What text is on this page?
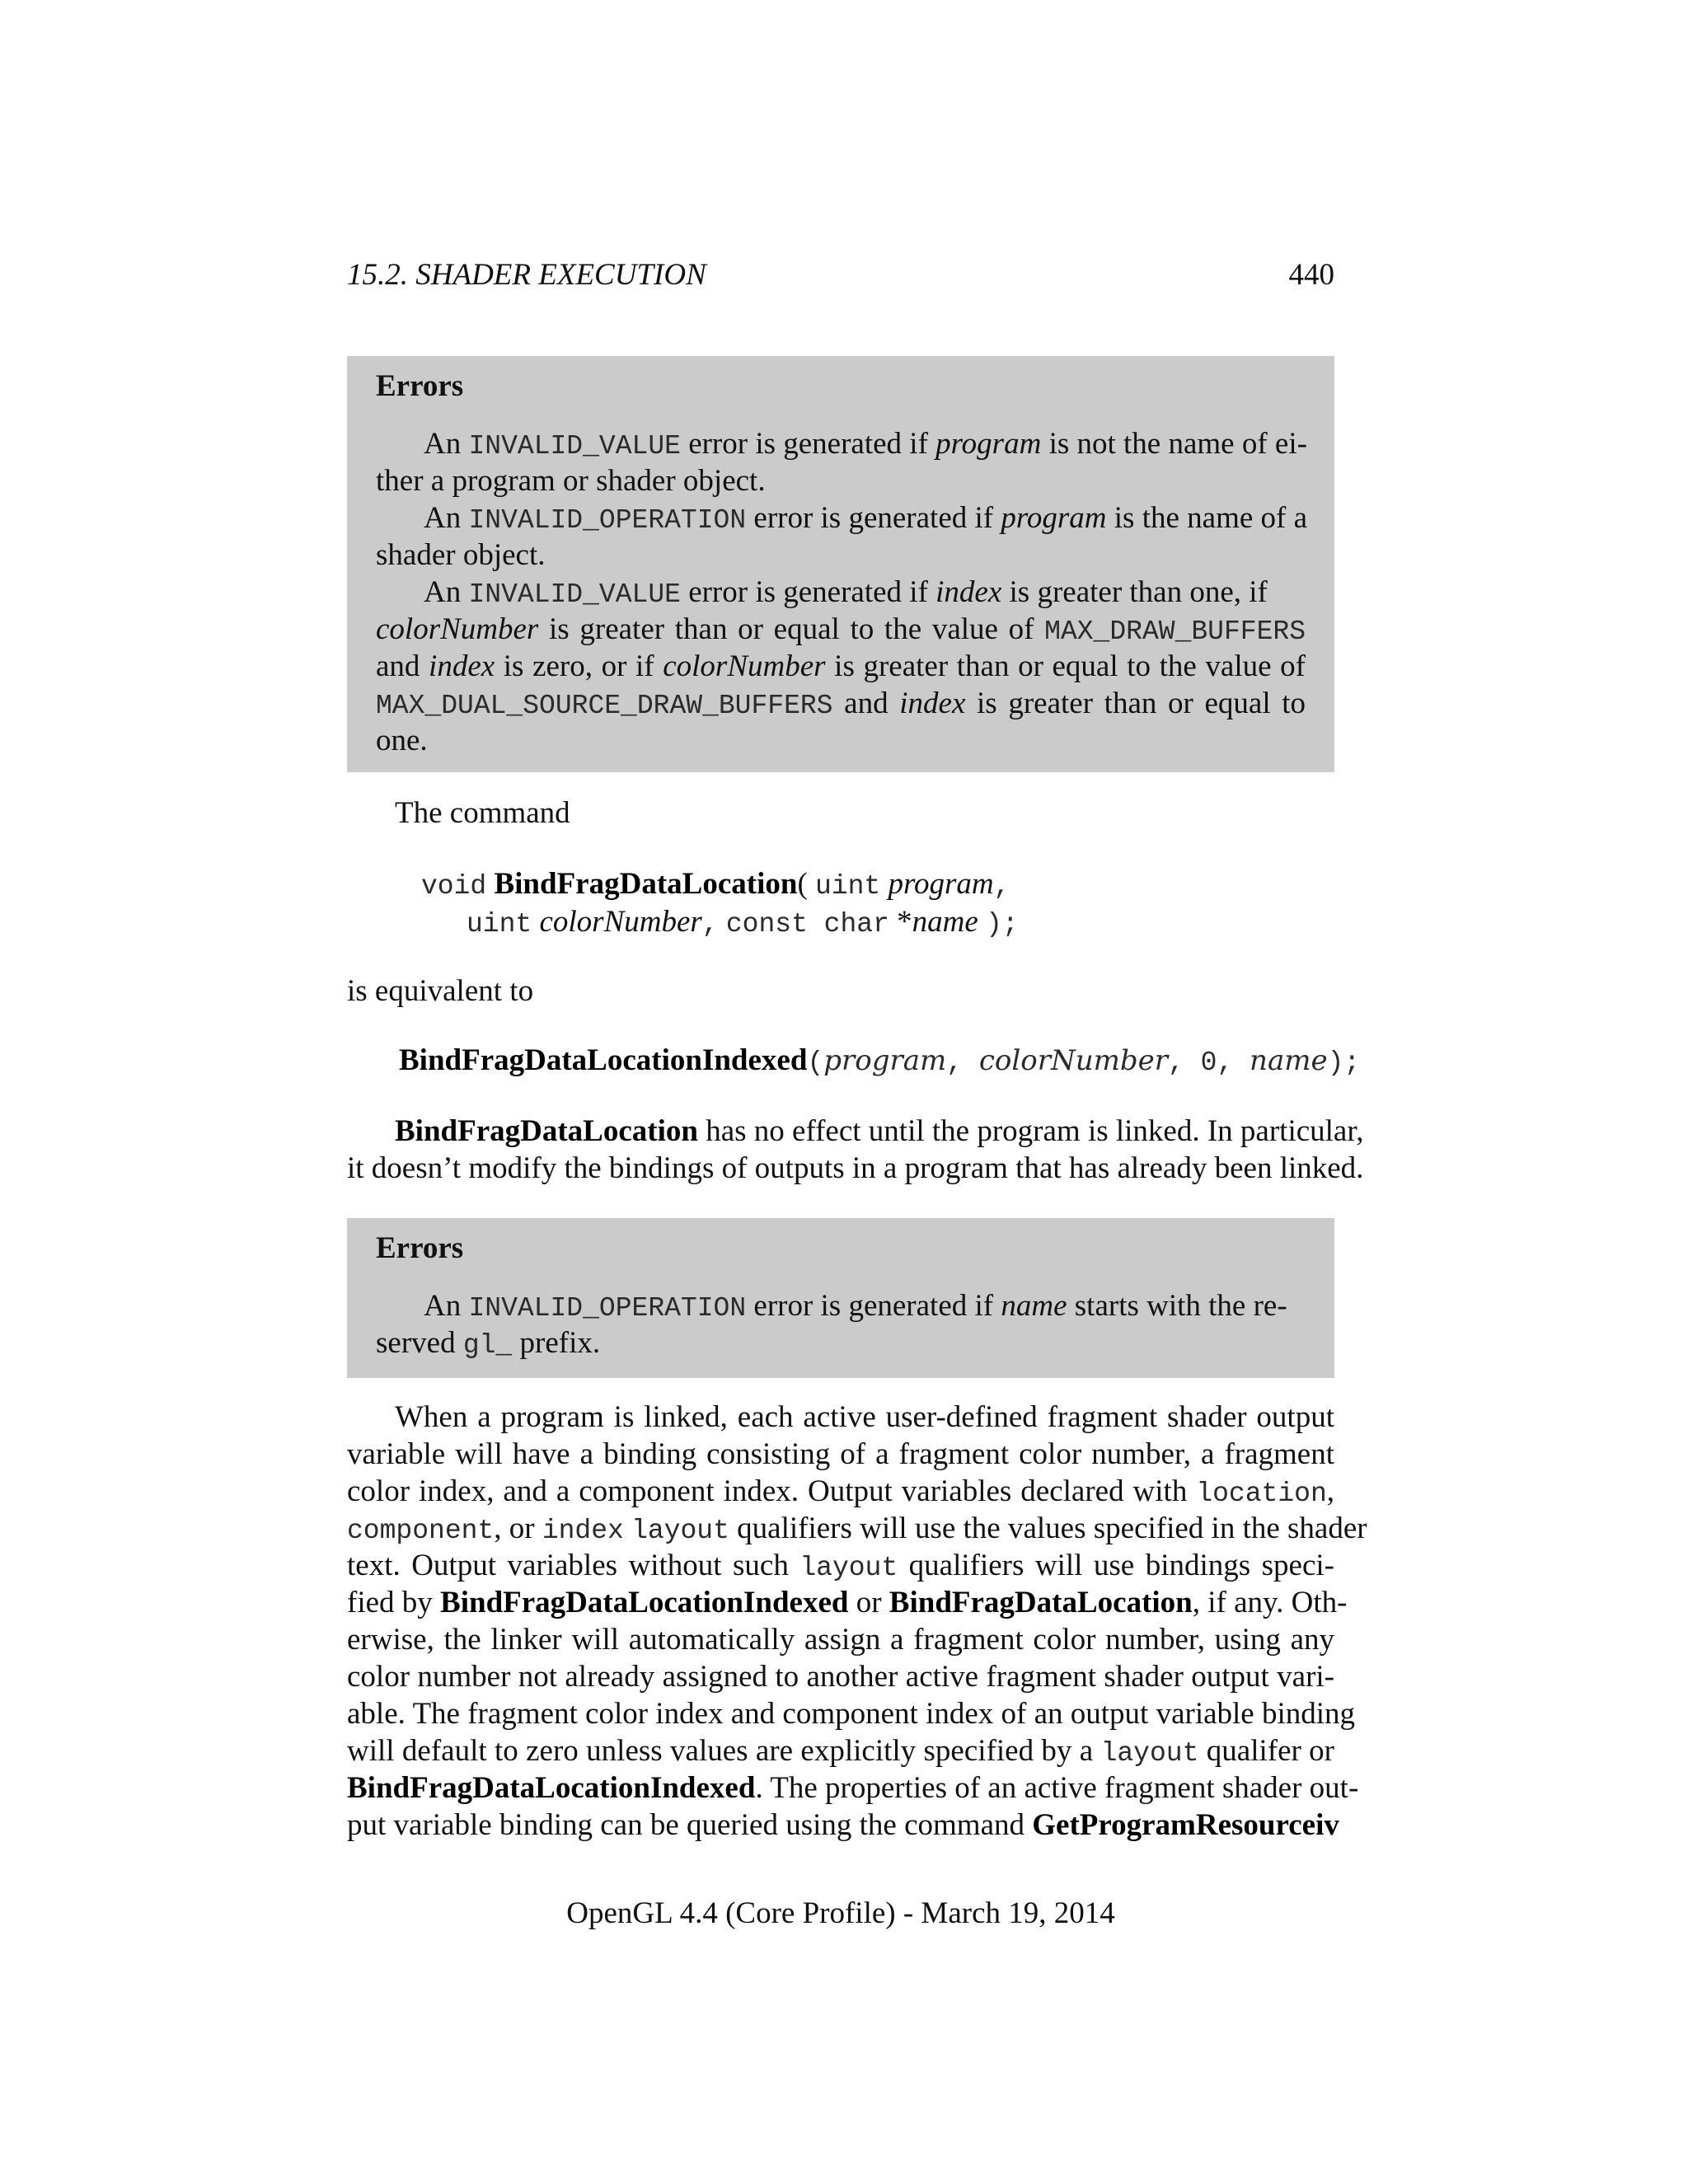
15.2. SHADER EXECUTION	440
Errors
An INVALID_VALUE error is generated if program is not the name of ei-
ther a program or shader object.
An INVALID_OPERATION error is generated if program is the name of a
shader object.
An INVALID_VALUE error is generated if index is greater than one, if
colorNumber is greater than or equal to the value of MAX_DRAW_BUFFERS
and index is zero, or if colorNumber is greater than or equal to the value of
MAX_DUAL_SOURCE_DRAW_BUFFERS and index is greater than or equal to
one.
The command
void BindFragDataLocation( uint program,
uint colorNumber, const char *name );
is equivalent to
BindFragDataLocationIndexed(program, colorNumber, 0, name);
BindFragDataLocation has no effect until the program is linked. In particular,
it doesn’t modify the bindings of outputs in a program that has already been linked.
Errors
An INVALID_OPERATION error is generated if name starts with the re-
served gl_ prefix.
When a program is linked, each active user-defined fragment shader output
variable will have a binding consisting of a fragment color number, a fragment
color index, and a component index. Output variables declared with location,
component, or index layout qualifiers will use the values specified in the shader
text. Output variables without such layout qualifiers will use bindings speci-
fied by BindFragDataLocationIndexed or BindFragDataLocation, if any. Oth-
erwise, the linker will automatically assign a fragment color number, using any
color number not already assigned to another active fragment shader output vari-
able. The fragment color index and component index of an output variable binding
will default to zero unless values are explicitly specified by a layout qualifer or
BindFragDataLocationIndexed. The properties of an active fragment shader out-
put variable binding can be queried using the command GetProgramResourceiv
OpenGL 4.4 (Core Profile) - March 19, 2014
